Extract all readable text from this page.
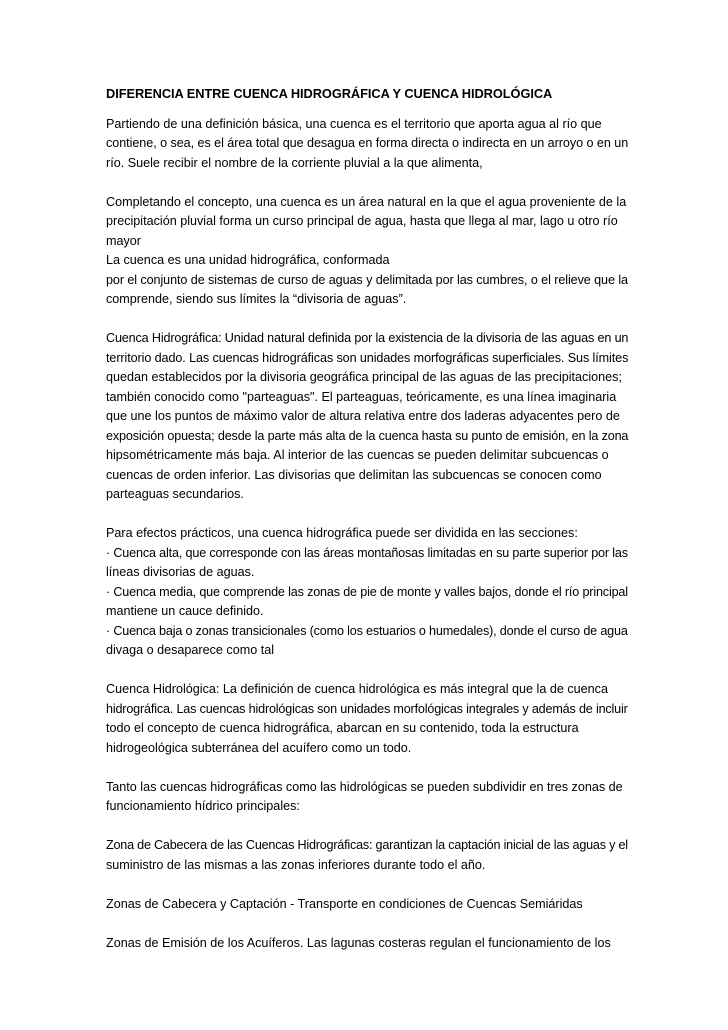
DIFERENCIA ENTRE CUENCA HIDROGRÁFICA Y CUENCA HIDROLÓGICA
Partiendo de una definición básica, una cuenca es el territorio que aporta agua al río que
contiene, o sea, es el área total que desagua en forma directa o indirecta en un arroyo o en un
río. Suele recibir el nombre de la corriente pluvial a la que alimenta,
Completando el concepto, una cuenca es un área natural en la que el agua proveniente de la
precipitación pluvial forma un curso principal de agua, hasta que llega al mar, lago u otro río
mayor
La cuenca es una unidad hidrográfica, conformada
por el conjunto de sistemas de curso de aguas y delimitada por las cumbres, o el relieve que la
comprende, siendo sus límites la “divisoria de aguas”.
Cuenca Hidrográfica: Unidad natural definida por la existencia de la divisoria de las aguas en un
territorio dado. Las cuencas hidrográficas son unidades morfográficas superficiales. Sus límites
quedan establecidos por la divisoria geográfica principal de las aguas de las precipitaciones;
también conocido como "parteaguas". El parteaguas, teóricamente, es una línea imaginaria
que une los puntos de máximo valor de altura relativa entre dos laderas adyacentes pero de
exposición opuesta; desde la parte más alta de la cuenca hasta su punto de emisión, en la zona
hipsométricamente más baja. Al interior de las cuencas se pueden delimitar subcuencas o
cuencas de orden inferior. Las divisorias que delimitan las subcuencas se conocen como
parteaguas secundarios.
Para efectos prácticos, una cuenca hidrográfica puede ser dividida en las secciones:
· Cuenca alta, que corresponde con las áreas montañosas limitadas en su parte superior por las
líneas divisorias de aguas.
· Cuenca media, que comprende las zonas de pie de monte y valles bajos, donde el río principal
mantiene un cauce definido.
· Cuenca baja o zonas transicionales (como los estuarios o humedales), donde el curso de agua
divaga o desaparece como tal
Cuenca Hidrológica: La definición de cuenca hidrológica es más integral que la de cuenca
hidrográfica. Las cuencas hidrológicas son unidades morfológicas integrales y además de incluir
todo el concepto de cuenca hidrográfica, abarcan en su contenido, toda la estructura
hidrogeológica subterránea del acuífero como un todo.
Tanto las cuencas hidrográficas como las hidrológicas se pueden subdividir en tres zonas de
funcionamiento hídrico principales:
Zona de Cabecera de las Cuencas Hidrográficas: garantizan la captación inicial de las aguas y el
suministro de las mismas a las zonas inferiores durante todo el año.
Zonas de Cabecera y Captación - Transporte en condiciones de Cuencas Semiáridas
Zonas de Emisión de los Acuíferos. Las lagunas costeras regulan el funcionamiento de los
